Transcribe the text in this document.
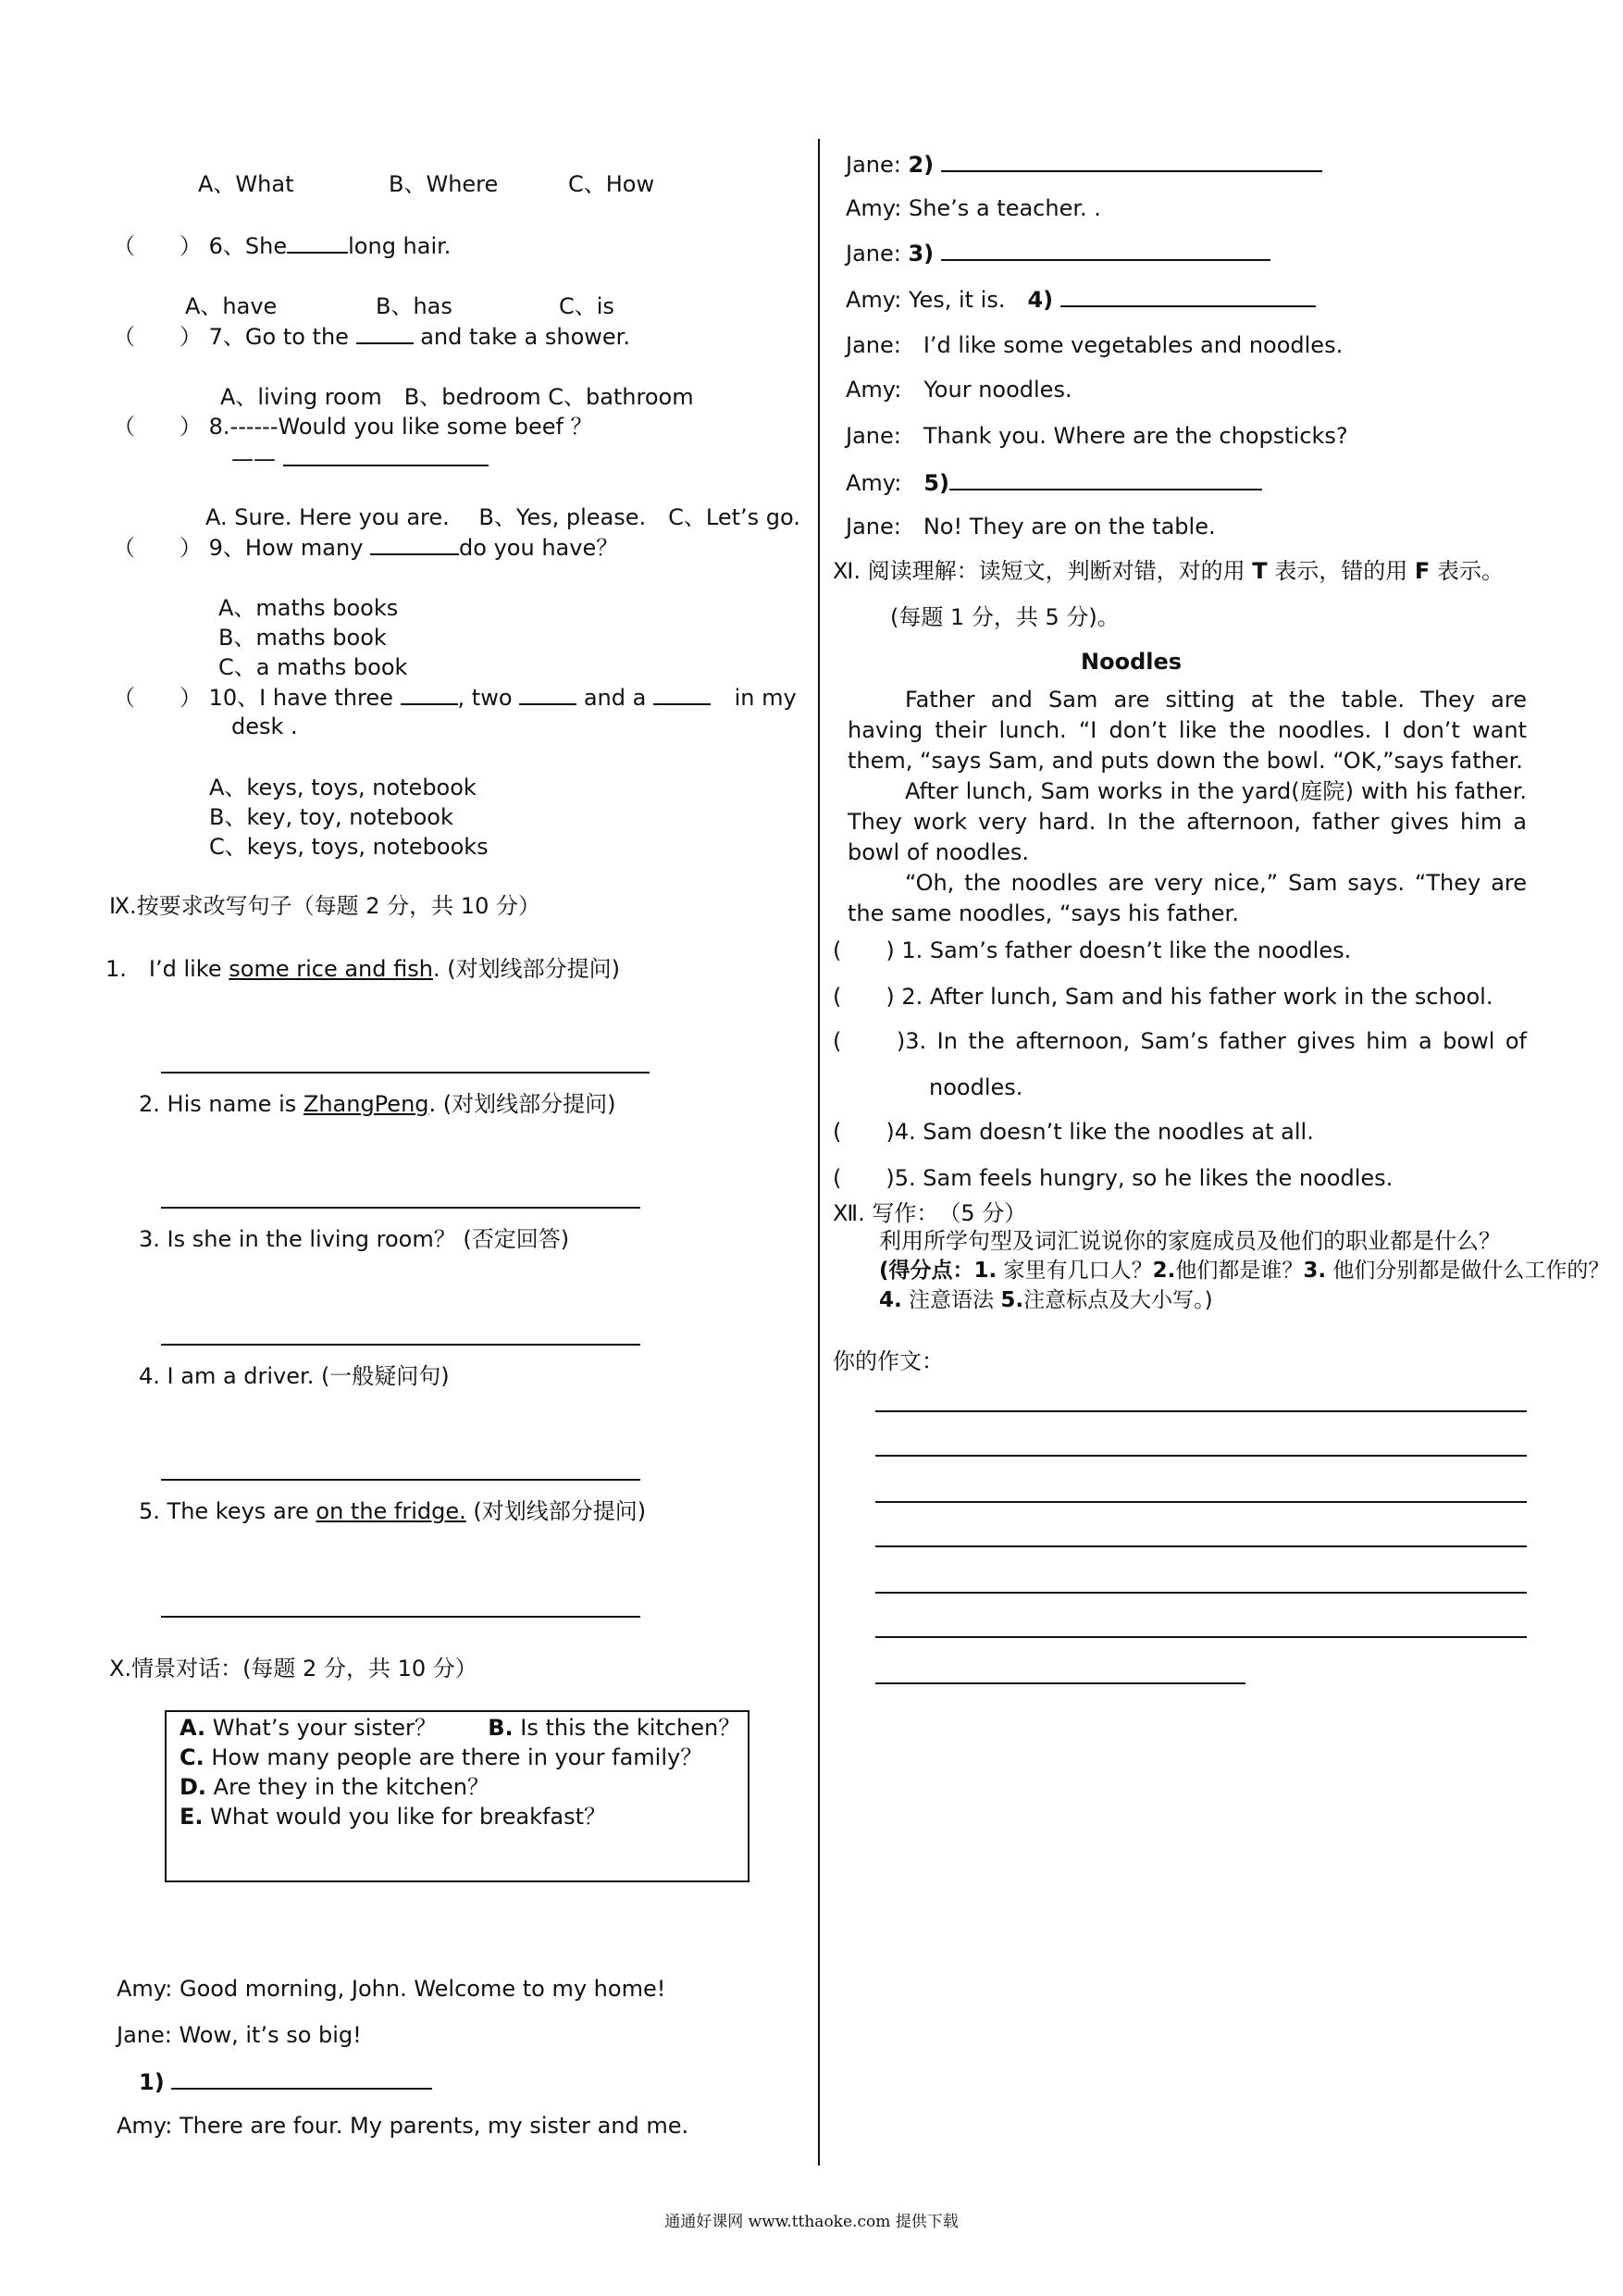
A、What	B、Where	C、How
（　　） 6、She	long hair.
A、have	B、has	C、is
（　　） 7、Go to the	and take a shower.
A、living room　B、bedroom C、bathroom
（　　） 8.------Would you like some beef ？
——
A. Sure. Here you are.　 B、Yes, please.　C、Let’s go.
（　　） 9、How many	do you have？
A、maths books
B、maths book
C、a maths book
（　　） 10、I have three	, two	and a	in my
desk .
A、keys, toys, notebook
B、key, toy, notebook
C、keys, toys, notebooks
Ⅸ.按要求改写句子（每题 2 分，共 10 分）
1.　I’d like some rice and fish. (对划线部分提问)
2. His name is ZhangPeng. (对划线部分提问)
3. Is she in the living room？ (否定回答)
4. I am a driver. (一般疑问句)
5. The keys are on the fridge. (对划线部分提问)
Ⅹ.情景对话：(每题 2 分，共 10 分）
A. What’s your sister？ B. Is this the kitchen？
C. How many people are there in your family？
D. Are they in the kitchen？
E. What would you like for breakfast？
Amy: Good morning, John. Welcome to my home!
Jane: Wow, it’s so big!
1)
Amy: There are four. My parents, my sister and me.
Jane: 2)
Amy: She’s a teacher. .
Jane: 3)
Amy: Yes, it is.　4)
Jane:　I’d like some vegetables and noodles.
Amy:　Your noodles.
Jane:　Thank you. Where are the chopsticks?
Amy:　5)
Jane:　No! They are on the table.
Ⅺ. 阅读理解：读短文，判断对错，对的用 T 表示，错的用 F 表示。
(每题 1 分，共 5 分)。
Noodles
Father and Sam are sitting at the table. They are having their lunch. “I don’t like the noodles. I don’t want them, “says Sam, and puts down the bowl. “OK,”says father.
After lunch, Sam works in the yard(庭院) with his father. They work very hard. In the afternoon, father gives him a bowl of noodles.
“Oh, the noodles are very nice,” Sam says. “They are the same noodles, “says his father.
(　　) 1. Sam’s father doesn’t like the noodles.
(　　) 2. After lunch, Sam and his father work in the school.
(　　)3. In the afternoon, Sam’s father gives him a bowl of
noodles.
(　　)4. Sam doesn’t like the noodles at all.
(　　)5. Sam feels hungry, so he likes the noodles.
Ⅻ. 写作：　（5 分）
利用所学句型及词汇说说你的家庭成员及他们的职业都是什么？
(得分点：1. 家里有几口人？2.他们都是谁？3. 他们分别都是做什么工作的？
4. 注意语法 5.注意标点及大小写。)
你的作文：
通通好课网 www.tthaoke.com 提供下载
